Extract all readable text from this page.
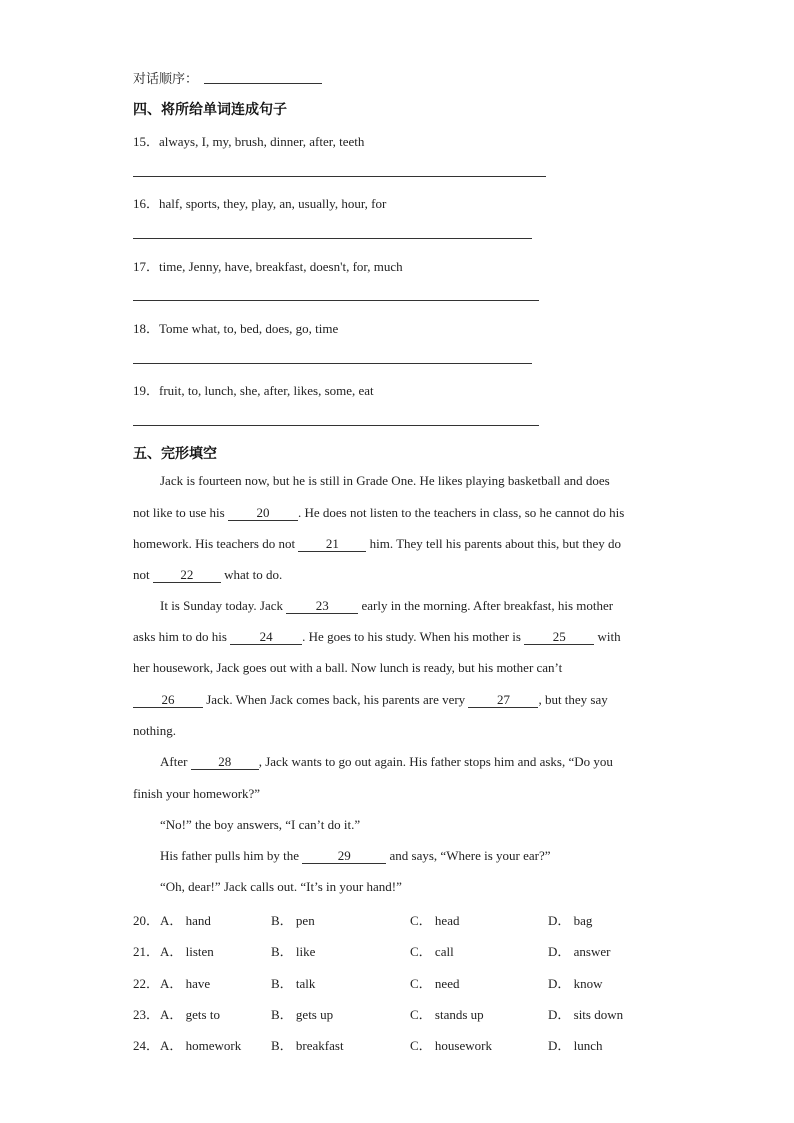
对话顺序：
四、将所给单词连成句子
15．always, I, my, brush, dinner, after, teeth
16．half, sports, they, play, an, usually, hour, for
17．time, Jenny, have, breakfast, doesn't, for, much
18．Tome what, to, bed, does, go, time
19．fruit, to, lunch, she, after, likes, some, eat
五、完形填空
Jack is fourteen now, but he is still in Grade One. He likes playing basketball and does
not like to use his 20 . He does not listen to the teachers in class, so he cannot do his
homework. His teachers do not 21 him. They tell his parents about this, but they do
not 22 what to do.
It is Sunday today. Jack 23 early in the morning. After breakfast, his mother
asks him to do his 24 . He goes to his study. When his mother is 25 with
her housework, Jack goes out with a ball. Now lunch is ready, but his mother can’t
26 Jack. When Jack comes back, his parents are very 27 , but they say
nothing.
After 28 , Jack wants to go out again. His father stops him and asks, “Do you
finish your homework?”
“No!” the boy answers, “I can’t do it.”
His father pulls him by the	29	and says, “Where is your ear?”
“Oh, dear!” Jack calls out. “It’s in your hand!”
20． A． hand	B． pen	C． head	D． bag
21． A． listen	B． like	C． call	D． answer
22． A． have	B． talk	C． need	D． know
23． A． gets to	B． gets up	C． stands up	D． sits down
24． A． homework B． breakfast	C． housework	D． lunch
